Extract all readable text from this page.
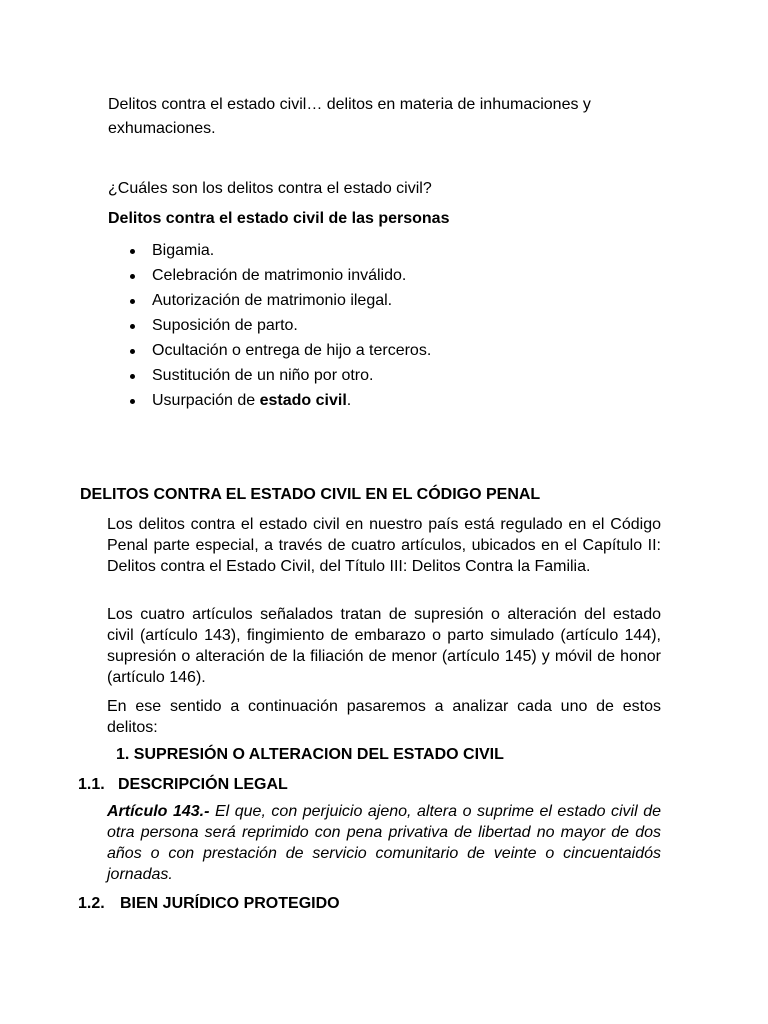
Delitos contra el estado civil… delitos en materia de inhumaciones y exhumaciones.
¿Cuáles son los delitos contra el estado civil?
Delitos contra el estado civil de las personas
Bigamia.
Celebración de matrimonio inválido.
Autorización de matrimonio ilegal.
Suposición de parto.
Ocultación o entrega de hijo a terceros.
Sustitución de un niño por otro.
Usurpación de estado civil.
DELITOS CONTRA EL ESTADO CIVIL EN EL CÓDIGO PENAL
Los delitos contra el estado civil en nuestro país está regulado en el Código Penal parte especial, a través de cuatro artículos, ubicados en el Capítulo II: Delitos contra el Estado Civil, del Título III: Delitos Contra la Familia.
Los cuatro artículos señalados tratan de supresión o alteración del estado civil (artículo 143), fingimiento de embarazo o parto simulado (artículo 144), supresión o alteración de la filiación de menor (artículo 145) y móvil de honor (artículo 146).
En ese sentido a continuación pasaremos a analizar cada uno de estos delitos:
1. SUPRESIÓN O ALTERACION DEL ESTADO CIVIL
1.1. DESCRIPCIÓN LEGAL
Artículo 143.- El que, con perjuicio ajeno, altera o suprime el estado civil de otra persona será reprimido con pena privativa de libertad no mayor de dos años o con prestación de servicio comunitario de veinte o cincuentaidós jornadas.
1.2. BIEN JURÍDICO PROTEGIDO
